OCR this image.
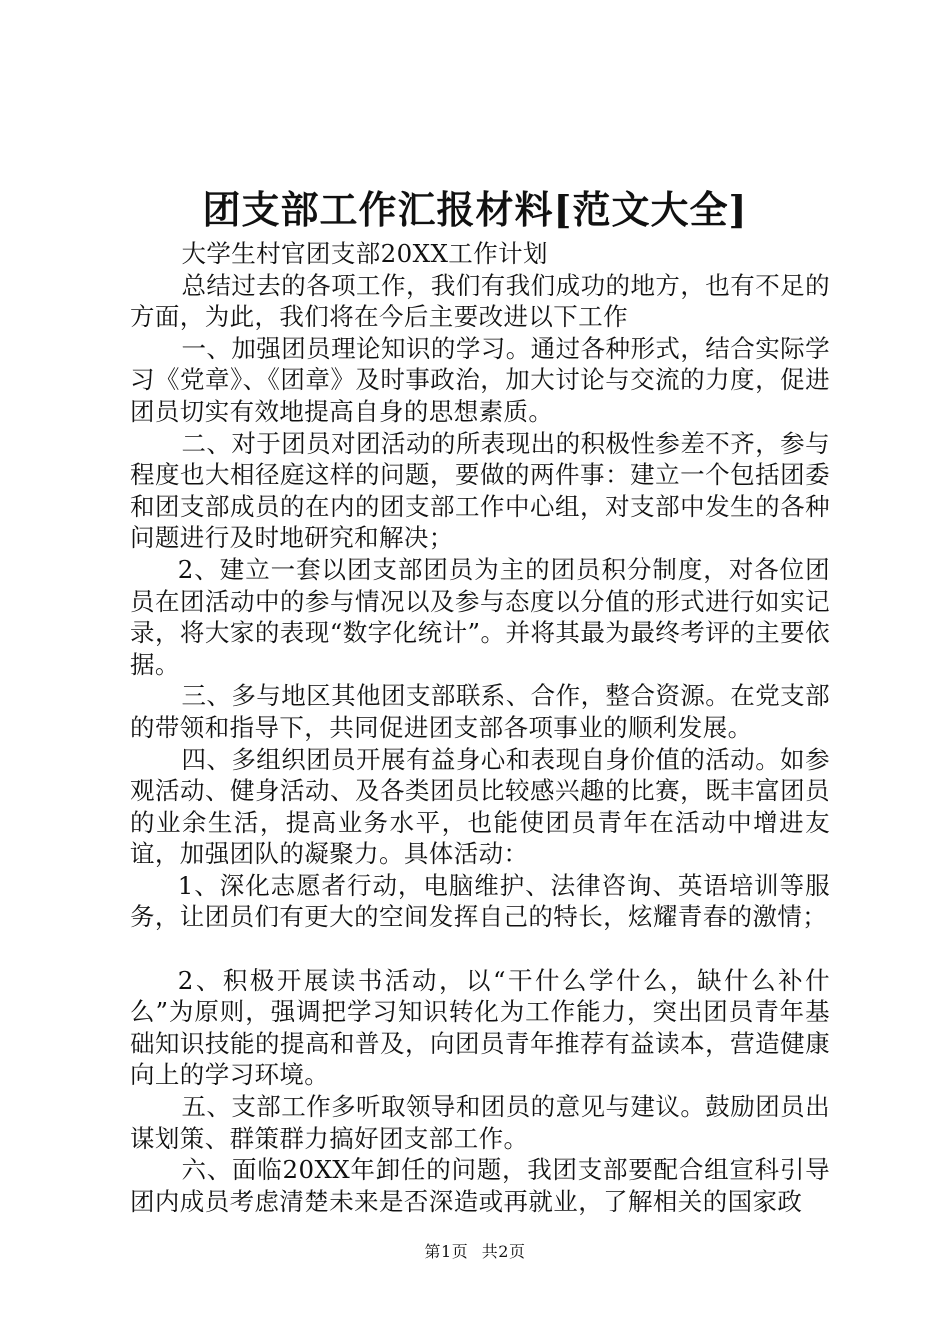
团支部工作汇报材料[范文大全]

大学生村官团支部20XX工作计划

总结过去的各项工作，我们有我们成功的地方，也有不足的方面，为此，我们将在今后主要改进以下工作

一、加强团员理论知识的学习。通过各种形式，结合实际学习《党章》、《团章》及时事政治，加大讨论与交流的力度，促进团员切实有效地提高自身的思想素质。

二、对于团员对团活动的所表现出的积极性参差不齐，参与程度也大相径庭这样的问题，要做的两件事：建立一个包括团委和团支部成员的在内的团支部工作中心组，对支部中发生的各种问题进行及时地研究和解决；

2、建立一套以团支部团员为主的团员积分制度，对各位团员在团活动中的参与情况以及参与态度以分值的形式进行如实记录，将大家的表现“数字化统计”。并将其最为最终考评的主要依据。

三、多与地区其他团支部联系、合作，整合资源。在党支部的带领和指导下，共同促进团支部各项事业的顺利发展。

四、多组织团员开展有益身心和表现自身价值的活动。如参观活动、健身活动、及各类团员比较感兴趣的比赛，既丰富团员的业余生活，提高业务水平，也能使团员青年在活动中增进友谊，加强团队的凝聚力。具体活动：

1、深化志愿者行动，电脑维护、法律咨询、英语培训等服务，让团员们有更大的空间发挥自己的特长，炫耀青春的激情；

2、积极开展读书活动，以“干什么学什么，缺什么补什么”为原则，强调把学习知识转化为工作能力，突出团员青年基础知识技能的提高和普及，向团员青年推荐有益读本，营造健康向上的学习环境。

五、支部工作多听取领导和团员的意见与建议。鼓励团员出谋划策、群策群力搞好团支部工作。

六、面临20XX年卸任的问题，我团支部要配合组宣科引导团内成员考虑清楚未来是否深造或再就业，了解相关的国家政

第1页 共2页
